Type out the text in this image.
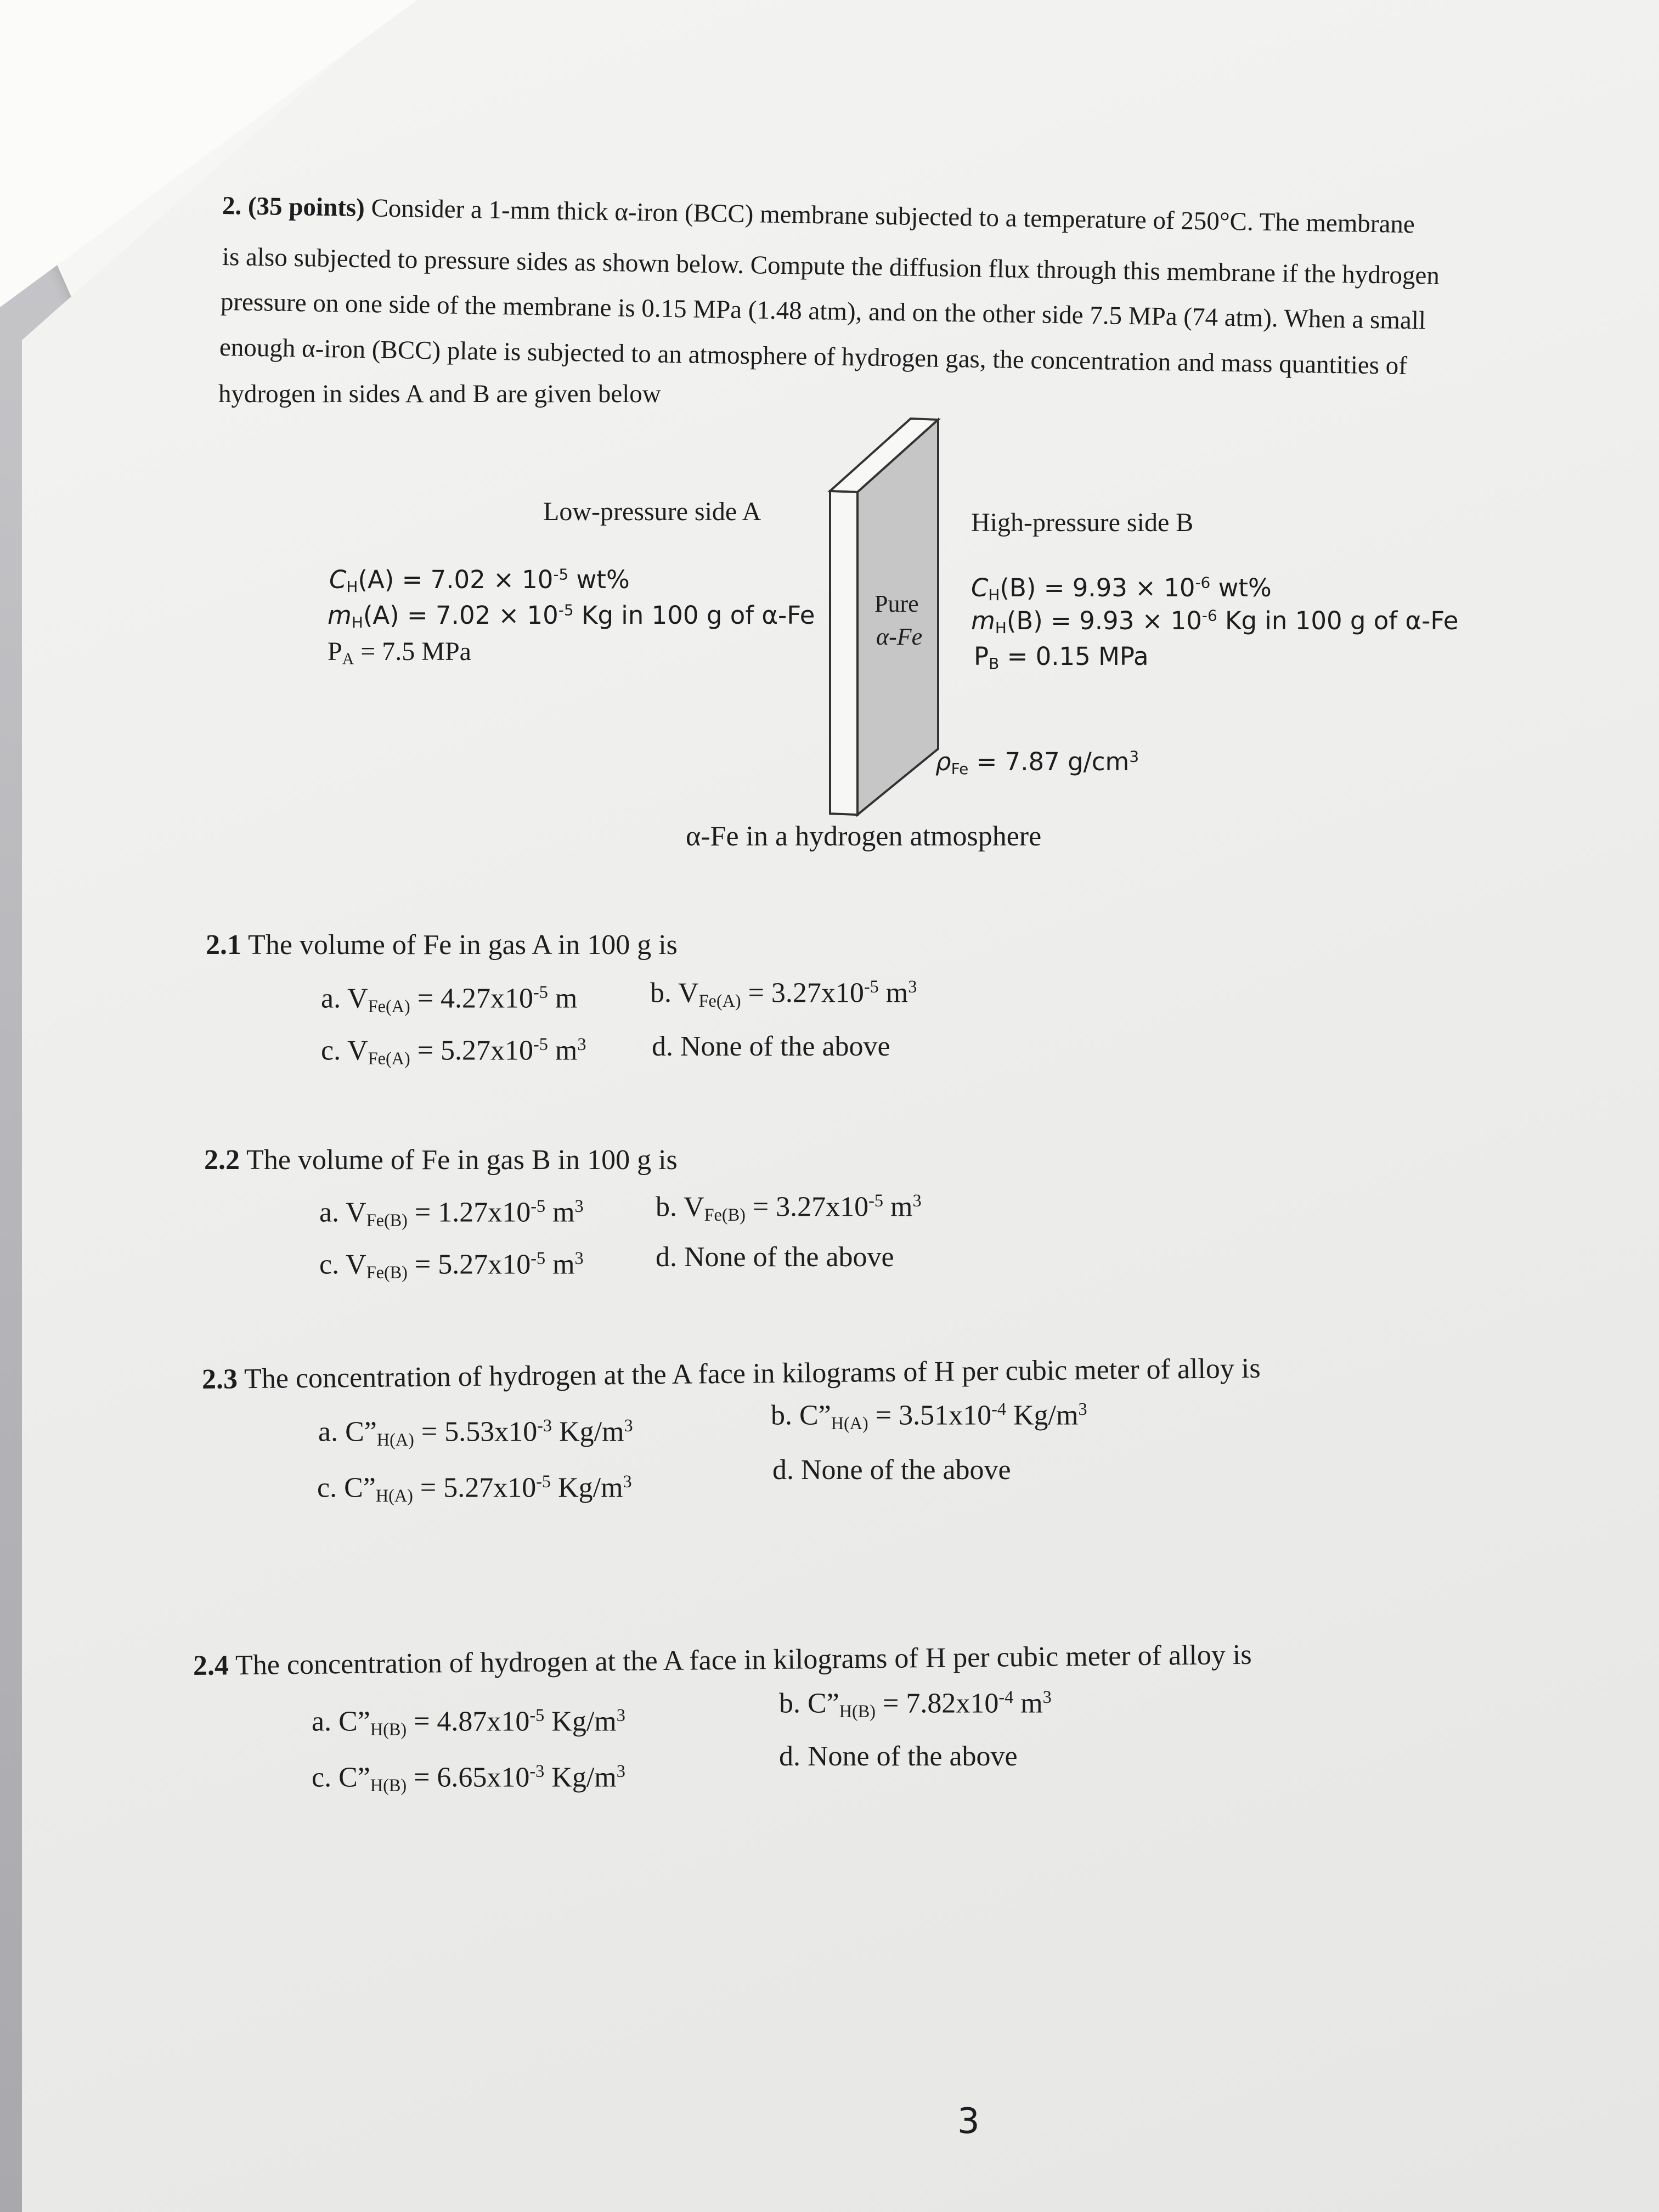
2. (35 points) Consider a 1-mm thick α-iron (BCC) membrane subjected to a temperature of 250°C. The membrane
is also subjected to pressure sides as shown below. Compute the diffusion flux through this membrane if the hydrogen
pressure on one side of the membrane is 0.15 MPa (1.48 atm), and on the other side 7.5 MPa (74 atm). When a small
enough α-iron (BCC) plate is subjected to an atmosphere of hydrogen gas, the concentration and mass quantities of
hydrogen in sides A and B are given below
Low-pressure side A	High-pressure side B
$C_H(A) = 7.02 \times 10^{-5}$ wt%
$m_H(A) = 7.02 \times 10^{-5}$ Kg in 100 g of α-Fe
$P_A = 7.5$ MPa
$C_H(B) = 9.93 \times 10^{-6}$ wt%
$m_H(B) = 9.93 \times 10^{-6}$ Kg in 100 g of α-Fe
$P_B = 0.15$ MPa
Pure
α-Fe
$\rho_{Fe} = 7.87$ $g/cm^3$
α-Fe in a hydrogen atmosphere
2.1 The volume of Fe in gas A in 100 g is
a. $V_{Fe(A)} = 4.27x10^{-5}$ m	b. $V_{Fe(A)} = 3.27x10^{-5}$ $m^3$
c. $V_{Fe(A)} = 5.27x10^{-5}$ $m^3$ d. None of the above
2.2 The volume of Fe in gas B in 100 g is
a. $V_{Fe(B)} = 1.27x10^{-5}$ $m^3$	b. $V_{Fe(B)} = 3.27x10^{-5}$ $m^3$
c. $V_{Fe(B)} = 5.27x10^{-5}$ $m^3$	d. None of the above
2.3 The concentration of hydrogen at the A face in kilograms of H per cubic meter of alloy is
a. $C”_{H(A)} = 5.53x10^{-3}$ $Kg/m^3$	b. $C”_{H(A)} = 3.51x10^{-4}$ $Kg/m^3$
c. $C”_{H(A)} = 5.27x10^{-5}$ $Kg/m^3$	d. None of the above
2.4 The concentration of hydrogen at the A face in kilograms of H per cubic meter of alloy is
a. $C”_{H(B)} = 4.87x10^{-5}$ $Kg/m^3$	b. $C”_{H(B)} = 7.82x10^{-4}$ $m^3$
c. $C”_{H(B)} = 6.65x10^{-3}$ $Kg/m^3$	d. None of the above
3
